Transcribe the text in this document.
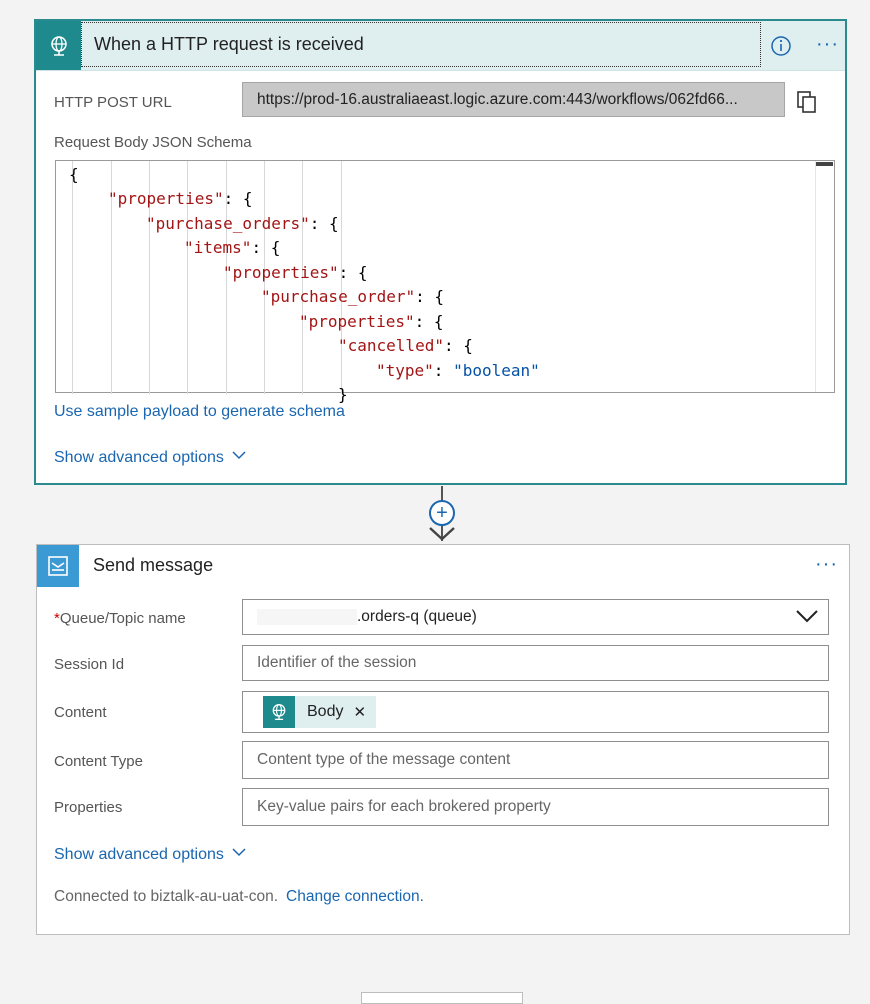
When a HTTP request is received	···
HTTP POST URL	https://prod-16.australiaeast.logic.azure.com:443/workflows/062fd66...
Request Body JSON Schema
{
"properties": {
"purchase_orders": {
"items": {
"properties": {
"purchase_order": {
"properties": {
"cancelled": {
"type": "boolean"
}
Use sample payload to generate schema
Show advanced options
+
Send message	···
*Queue/Topic name	.orders-q (queue)
Session Id	Identifier of the session
Content	Body ✕
Content Type	Content type of the message content
Properties	Key-value pairs for each brokered property
Show advanced options
Connected to biztalk-au-uat-con. Change connection.
